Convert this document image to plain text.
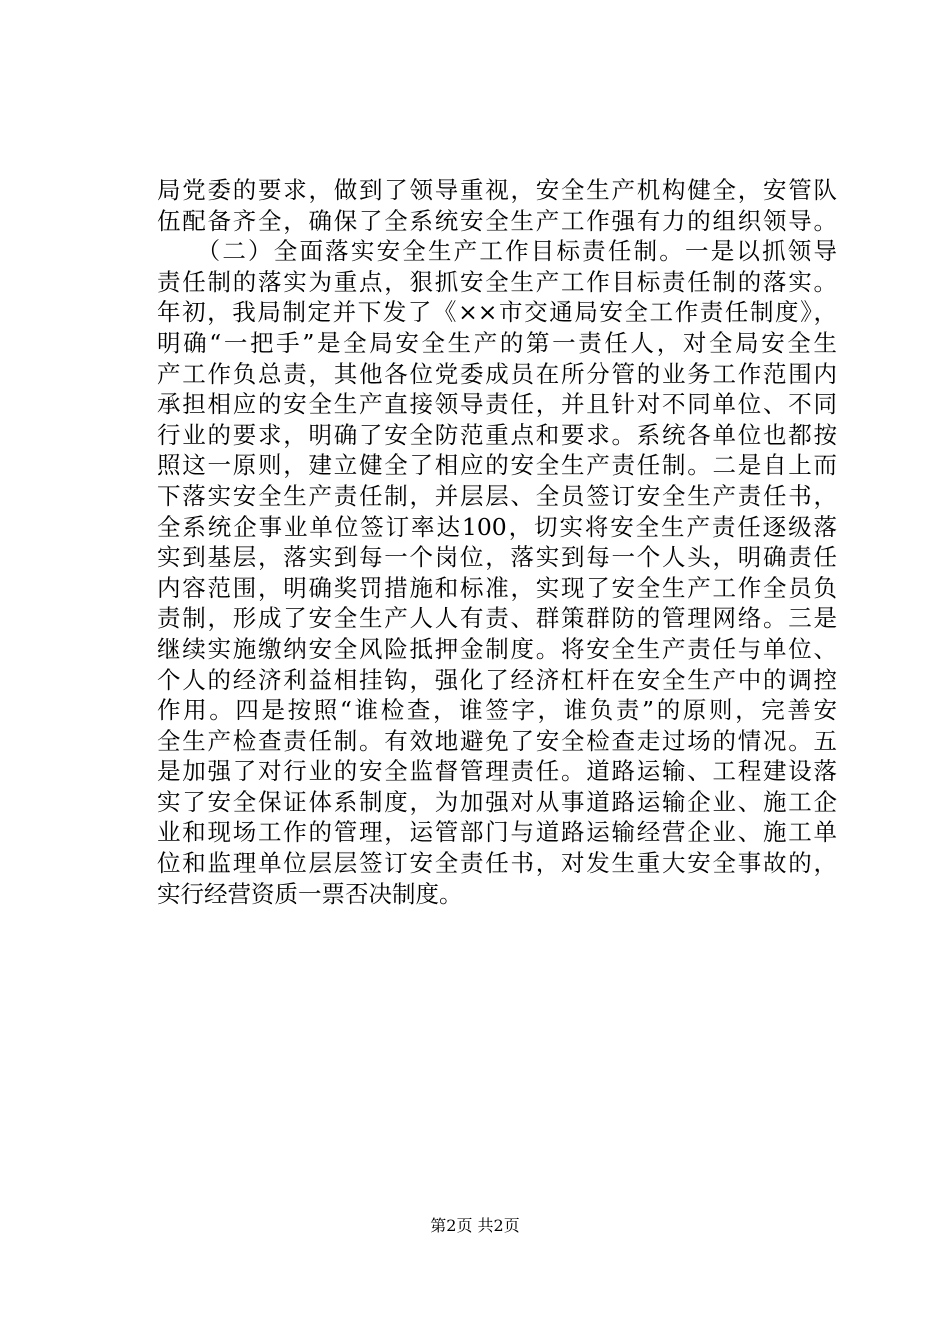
局党委的要求，做到了领导重视，安全生产机构健全，安管队
伍配备齐全，确保了全系统安全生产工作强有力的组织领导。
　　（二）全面落实安全生产工作目标责任制。一是以抓领导
责任制的落实为重点，狠抓安全生产工作目标责任制的落实。
年初，我局制定并下发了《××市交通局安全工作责任制度》，
明确“一把手”是全局安全生产的第一责任人，对全局安全生
产工作负总责，其他各位党委成员在所分管的业务工作范围内
承担相应的安全生产直接领导责任，并且针对不同单位、不同
行业的要求，明确了安全防范重点和要求。系统各单位也都按
照这一原则，建立健全了相应的安全生产责任制。二是自上而
下落实安全生产责任制，并层层、全员签订安全生产责任书，
全系统企事业单位签订率达100，切实将安全生产责任逐级落
实到基层，落实到每一个岗位，落实到每一个人头，明确责任
内容范围，明确奖罚措施和标准，实现了安全生产工作全员负
责制，形成了安全生产人人有责、群策群防的管理网络。三是
继续实施缴纳安全风险抵押金制度。将安全生产责任与单位、
个人的经济利益相挂钩，强化了经济杠杆在安全生产中的调控
作用。四是按照“谁检查，谁签字，谁负责”的原则，完善安
全生产检查责任制。有效地避免了安全检查走过场的情况。五
是加强了对行业的安全监督管理责任。道路运输、工程建设落
实了安全保证体系制度，为加强对从事道路运输企业、施工企
业和现场工作的管理，运管部门与道路运输经营企业、施工单
位和监理单位层层签订安全责任书，对发生重大安全事故的，
实行经营资质一票否决制度。
第2页 共2页
